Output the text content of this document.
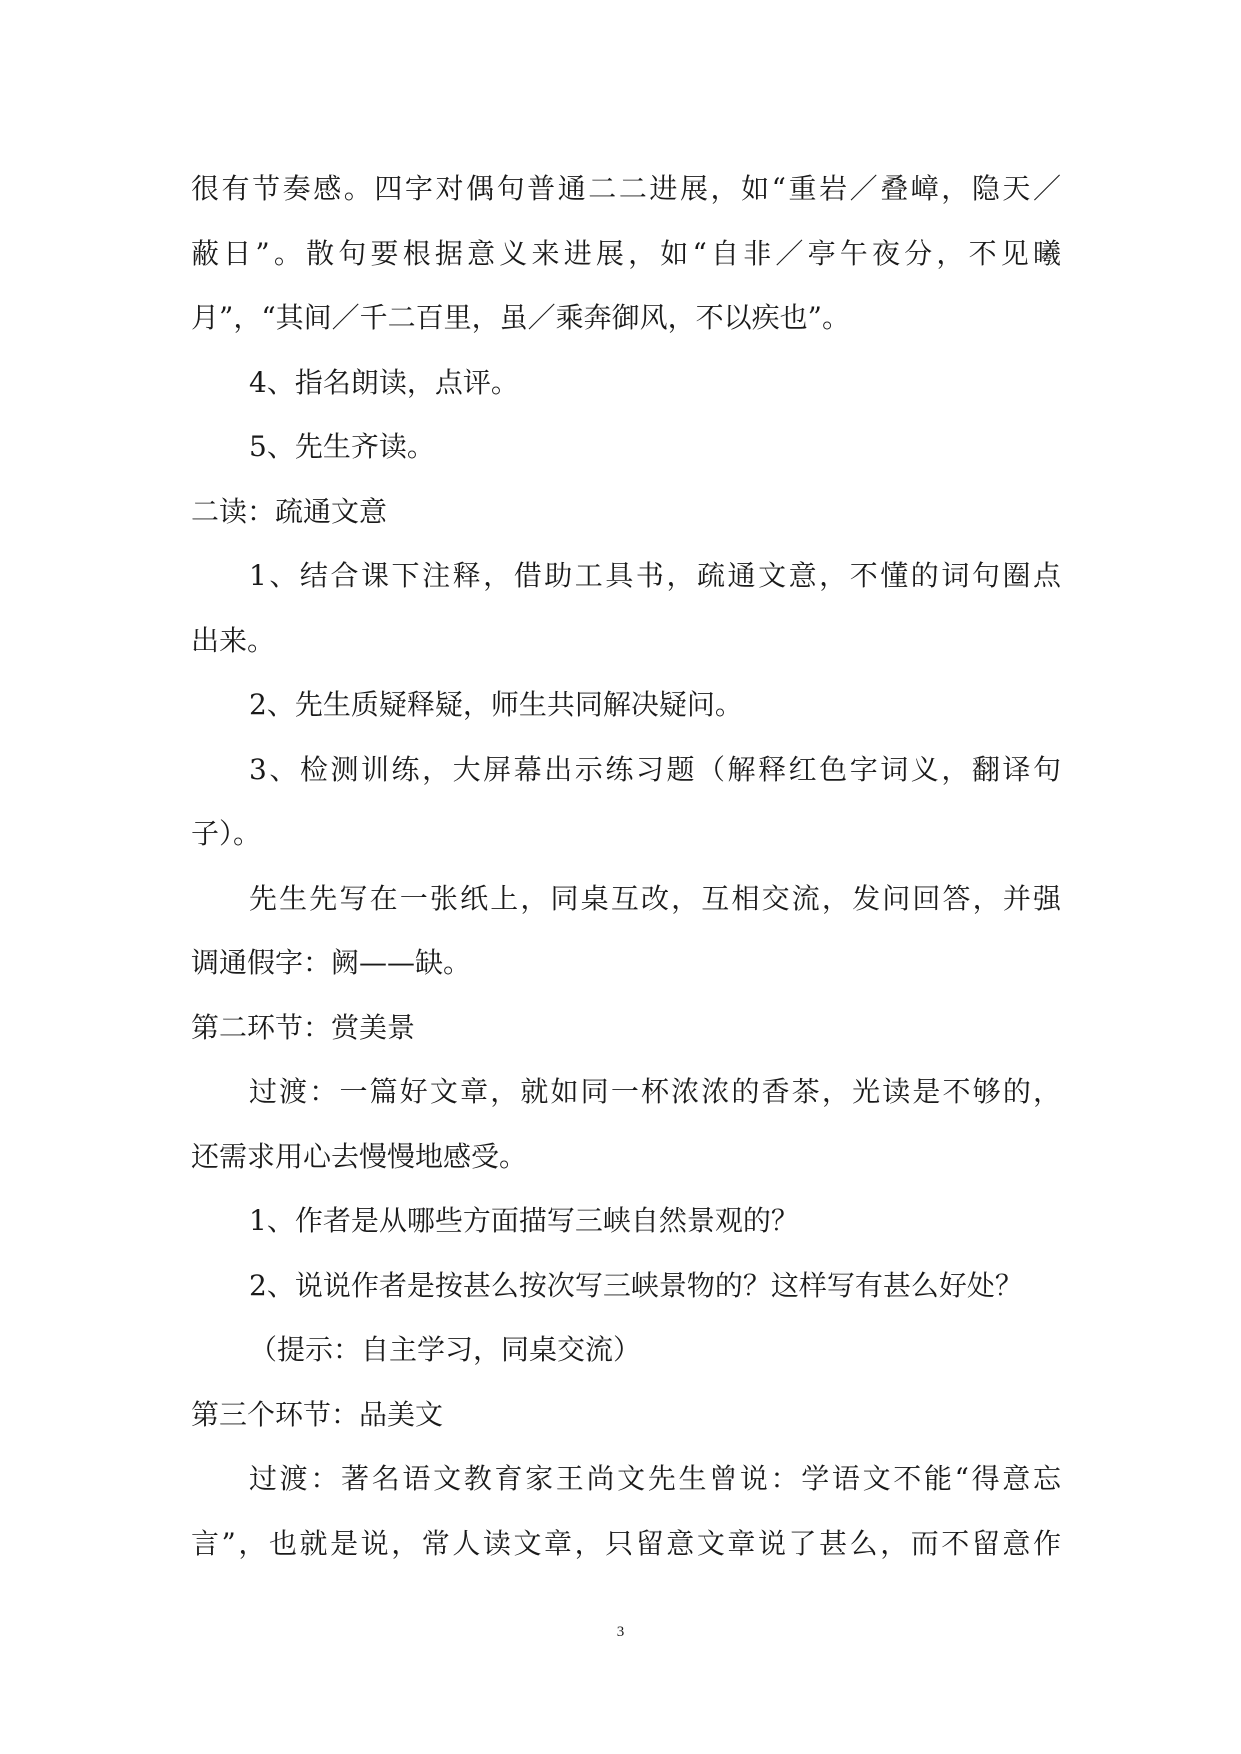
很有节奏感。四字对偶句普通二二进展，如“重岩／叠嶂，隐天／
蔽日”。散句要根据意义来进展，如“自非／亭午夜分，不见曦
月”，“其间／千二百里，虽／乘奔御风，不以疾也”。
4、指名朗读，点评。
5、先生齐读。
二读：疏通文意
1、结合课下注释，借助工具书，疏通文意，不懂的词句圈点
出来。
2、先生质疑释疑，师生共同解决疑问。
3、检测训练，大屏幕出示练习题（解释红色字词义，翻译句
子）。
先生先写在一张纸上，同桌互改，互相交流，发问回答，并强
调通假字：阙——缺。
第二环节：赏美景
过渡：一篇好文章，就如同一杯浓浓的香茶，光读是不够的，
还需求用心去慢慢地感受。
1、作者是从哪些方面描写三峡自然景观的？
2、说说作者是按甚么按次写三峡景物的？这样写有甚么好处？
（提示：自主学习，同桌交流）
第三个环节：品美文
过渡：著名语文教育家王尚文先生曾说：学语文不能“得意忘
言”，也就是说，常人读文章，只留意文章说了甚么，而不留意作
3
